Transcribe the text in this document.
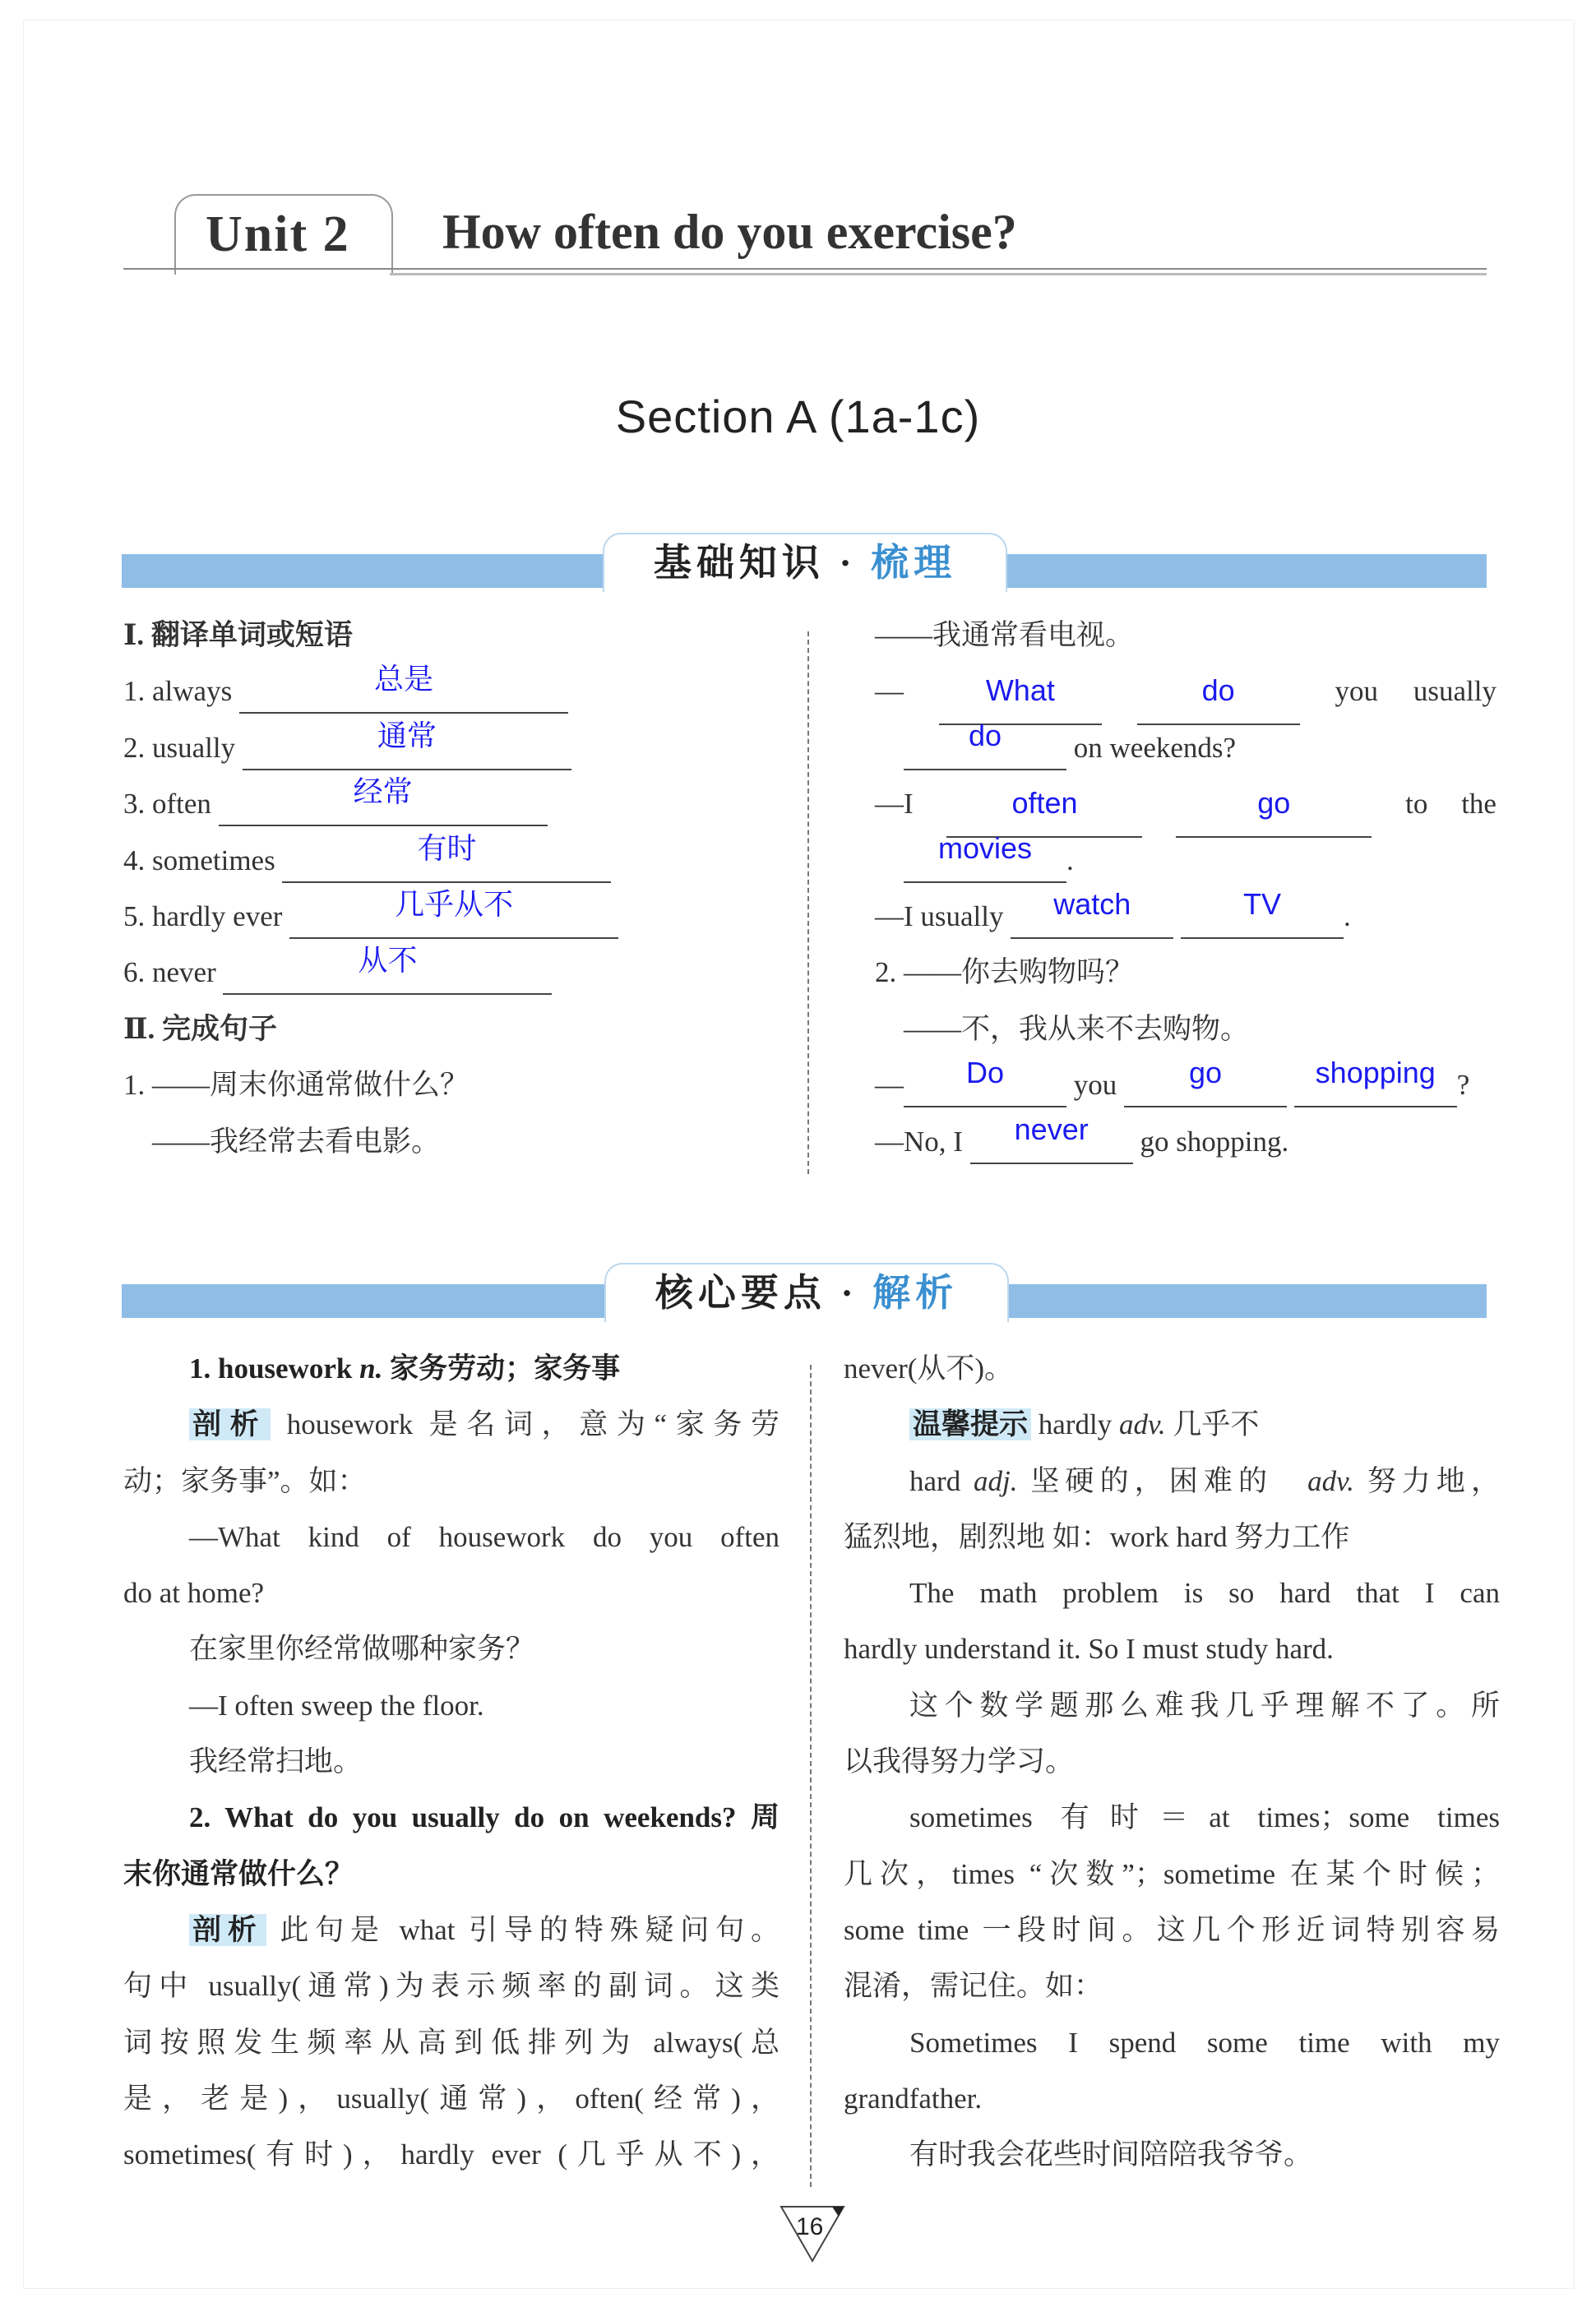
Unit 2 How often do you exercise?
Section A (1a-1c)
基础知识 · 梳理
Ⅰ. 翻译单词或短语
1. always	总是
2. usually	通常
3. often	经常
4. sometimes	有时
5. hardly ever	几乎从不
6. never	从不
Ⅱ. 完成句子
1. ——周末你通常做什么？
　——我经常去看电影。
——我通常看电视。
—	What	do	you usually
　do on weekends?
—I	often	go	to the
　movies .
—I usually watch	TV .
2. ——你去购物吗？
　——不，我从来不去购物。
— Do you go	shopping ?
—No, I never go shopping.
核心要点 · 解析
1. housework n. 家务劳动；家务事
剖析 housework 是名词，意为“家务劳
动；家务事”。如：
—What kind of housework do you often
do at home?
在家里你经常做哪种家务？
—I often sweep the floor.
我经常扫地。
2. What do you usually do on weekends? 周
末你通常做什么？
剖析 此句是 what 引导的特殊疑问句。
句中 usually(通常)为表示频率的副词。这类
词按照发生频率从高到低排列为 always(总
是，老是)，usually(通常)，often(经常)，
sometimes(有时)，hardly ever (几乎从不)，
never(从不)。
温馨提示 hardly adv. 几乎不
hard adj. 坚硬的，困难的　adv. 努力地，
猛烈地，剧烈地 如：work hard 努力工作
The math problem is so hard that I can
hardly understand it. So I must study hard.
这个数学题那么难我几乎理解不了。所
以我得努力学习。
sometimes 有时＝at times；some times
几次，times “次数”；sometime 在某个时候；
some time 一段时间。这几个形近词特别容易
混淆，需记住。如：
Sometimes I spend some time with my
grandfather.
有时我会花些时间陪陪我爷爷。
16
